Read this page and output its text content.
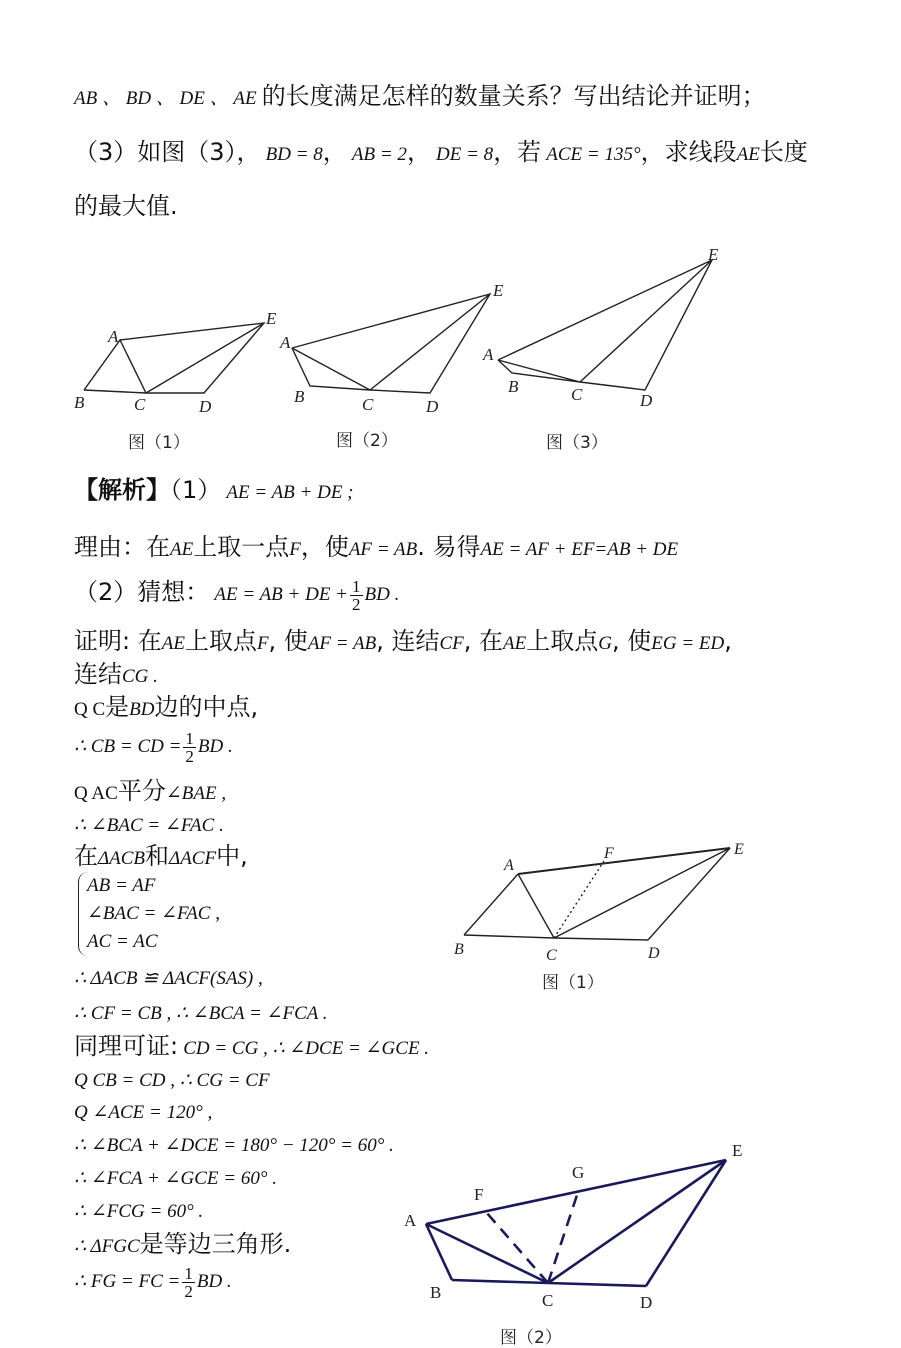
AB 、 BD 、 DE 、 AE 的长度满足怎样的数量关系？写出结论并证明；
（3）如图（3）， BD = 8， AB = 2， DE = 8，若 ACE = 135°，求线段AE长度
的最大值.
A
B	C	D
E
A
B	C	D
E
A
B	C	D
E
图（1）	图（2）	图（3）
【解析】（1） AE = AB + DE ;
理由：在AE上取一点F，使AF = AB. 易得AE = AF + EF=AB + DE
（2）猜想： AE = AB + DE + $\frac{1}{2}$ BD .
证明: 在AE上取点F, 使AF = AB, 连结CF, 在AE上取点G, 使EG = ED,
连结CG .
Q C是BD边的中点,
∴ CB = CD = $\frac{1}{2}$ BD .
Q AC平分∠BAE ,
∴ ∠BAC = ∠FAC .
在ΔACB和ΔACF中,
AB = AF
∠BAC = ∠FAC ,
AC = AC
∴ ΔACB ≌ ΔACF(SAS) ,
∴ CF = CB , ∴ ∠BCA = ∠FCA .
同理可证: CD = CG , ∴ ∠DCE = ∠GCE .
Q CB = CD , ∴ CG = CF
Q ∠ACE = 120° ,
∴ ∠BCA + ∠DCE = 180° − 120° = 60° .
∴ ∠FCA + ∠GCE = 60° .
∴ ∠FCG = 60° .
∴ ΔFGC是等边三角形.
∴ FG = FC = $\frac{1}{2}$ BD .
A
B	C	D
E
F
图（1）
A
B	C	D
E
F
G
图（2）
